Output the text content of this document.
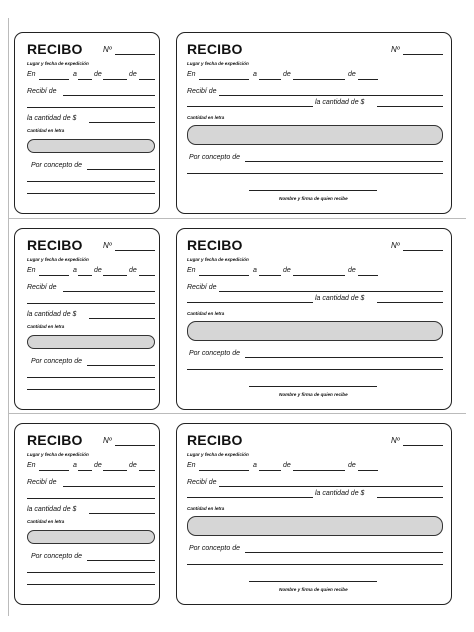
RECIBO	Nº
Lugar y fecha de expedición
En	a de	de
Recibí de
la cantidad de $
Cantidad en letra
Por concepto de
RECIBO	Nº
Lugar y fecha de expedición
En	a	de	de
Recibí de
la cantidad de $
Cantidad en letra
Por concepto de
Nombre y firma de quien recibe
RECIBO	Nº
Lugar y fecha de expedición
En	a de	de
Recibí de
la cantidad de $
Cantidad en letra
Por concepto de
RECIBO	Nº
Lugar y fecha de expedición
En	a	de	de
Recibí de
la cantidad de $
Cantidad en letra
Por concepto de
Nombre y firma de quien recibe
RECIBO	Nº
Lugar y fecha de expedición
En	a de	de
Recibí de
la cantidad de $
Cantidad en letra
Por concepto de
RECIBO	Nº
Lugar y fecha de expedición
En	a	de	de
Recibí de
la cantidad de $
Cantidad en letra
Por concepto de
Nombre y firma de quien recibe
